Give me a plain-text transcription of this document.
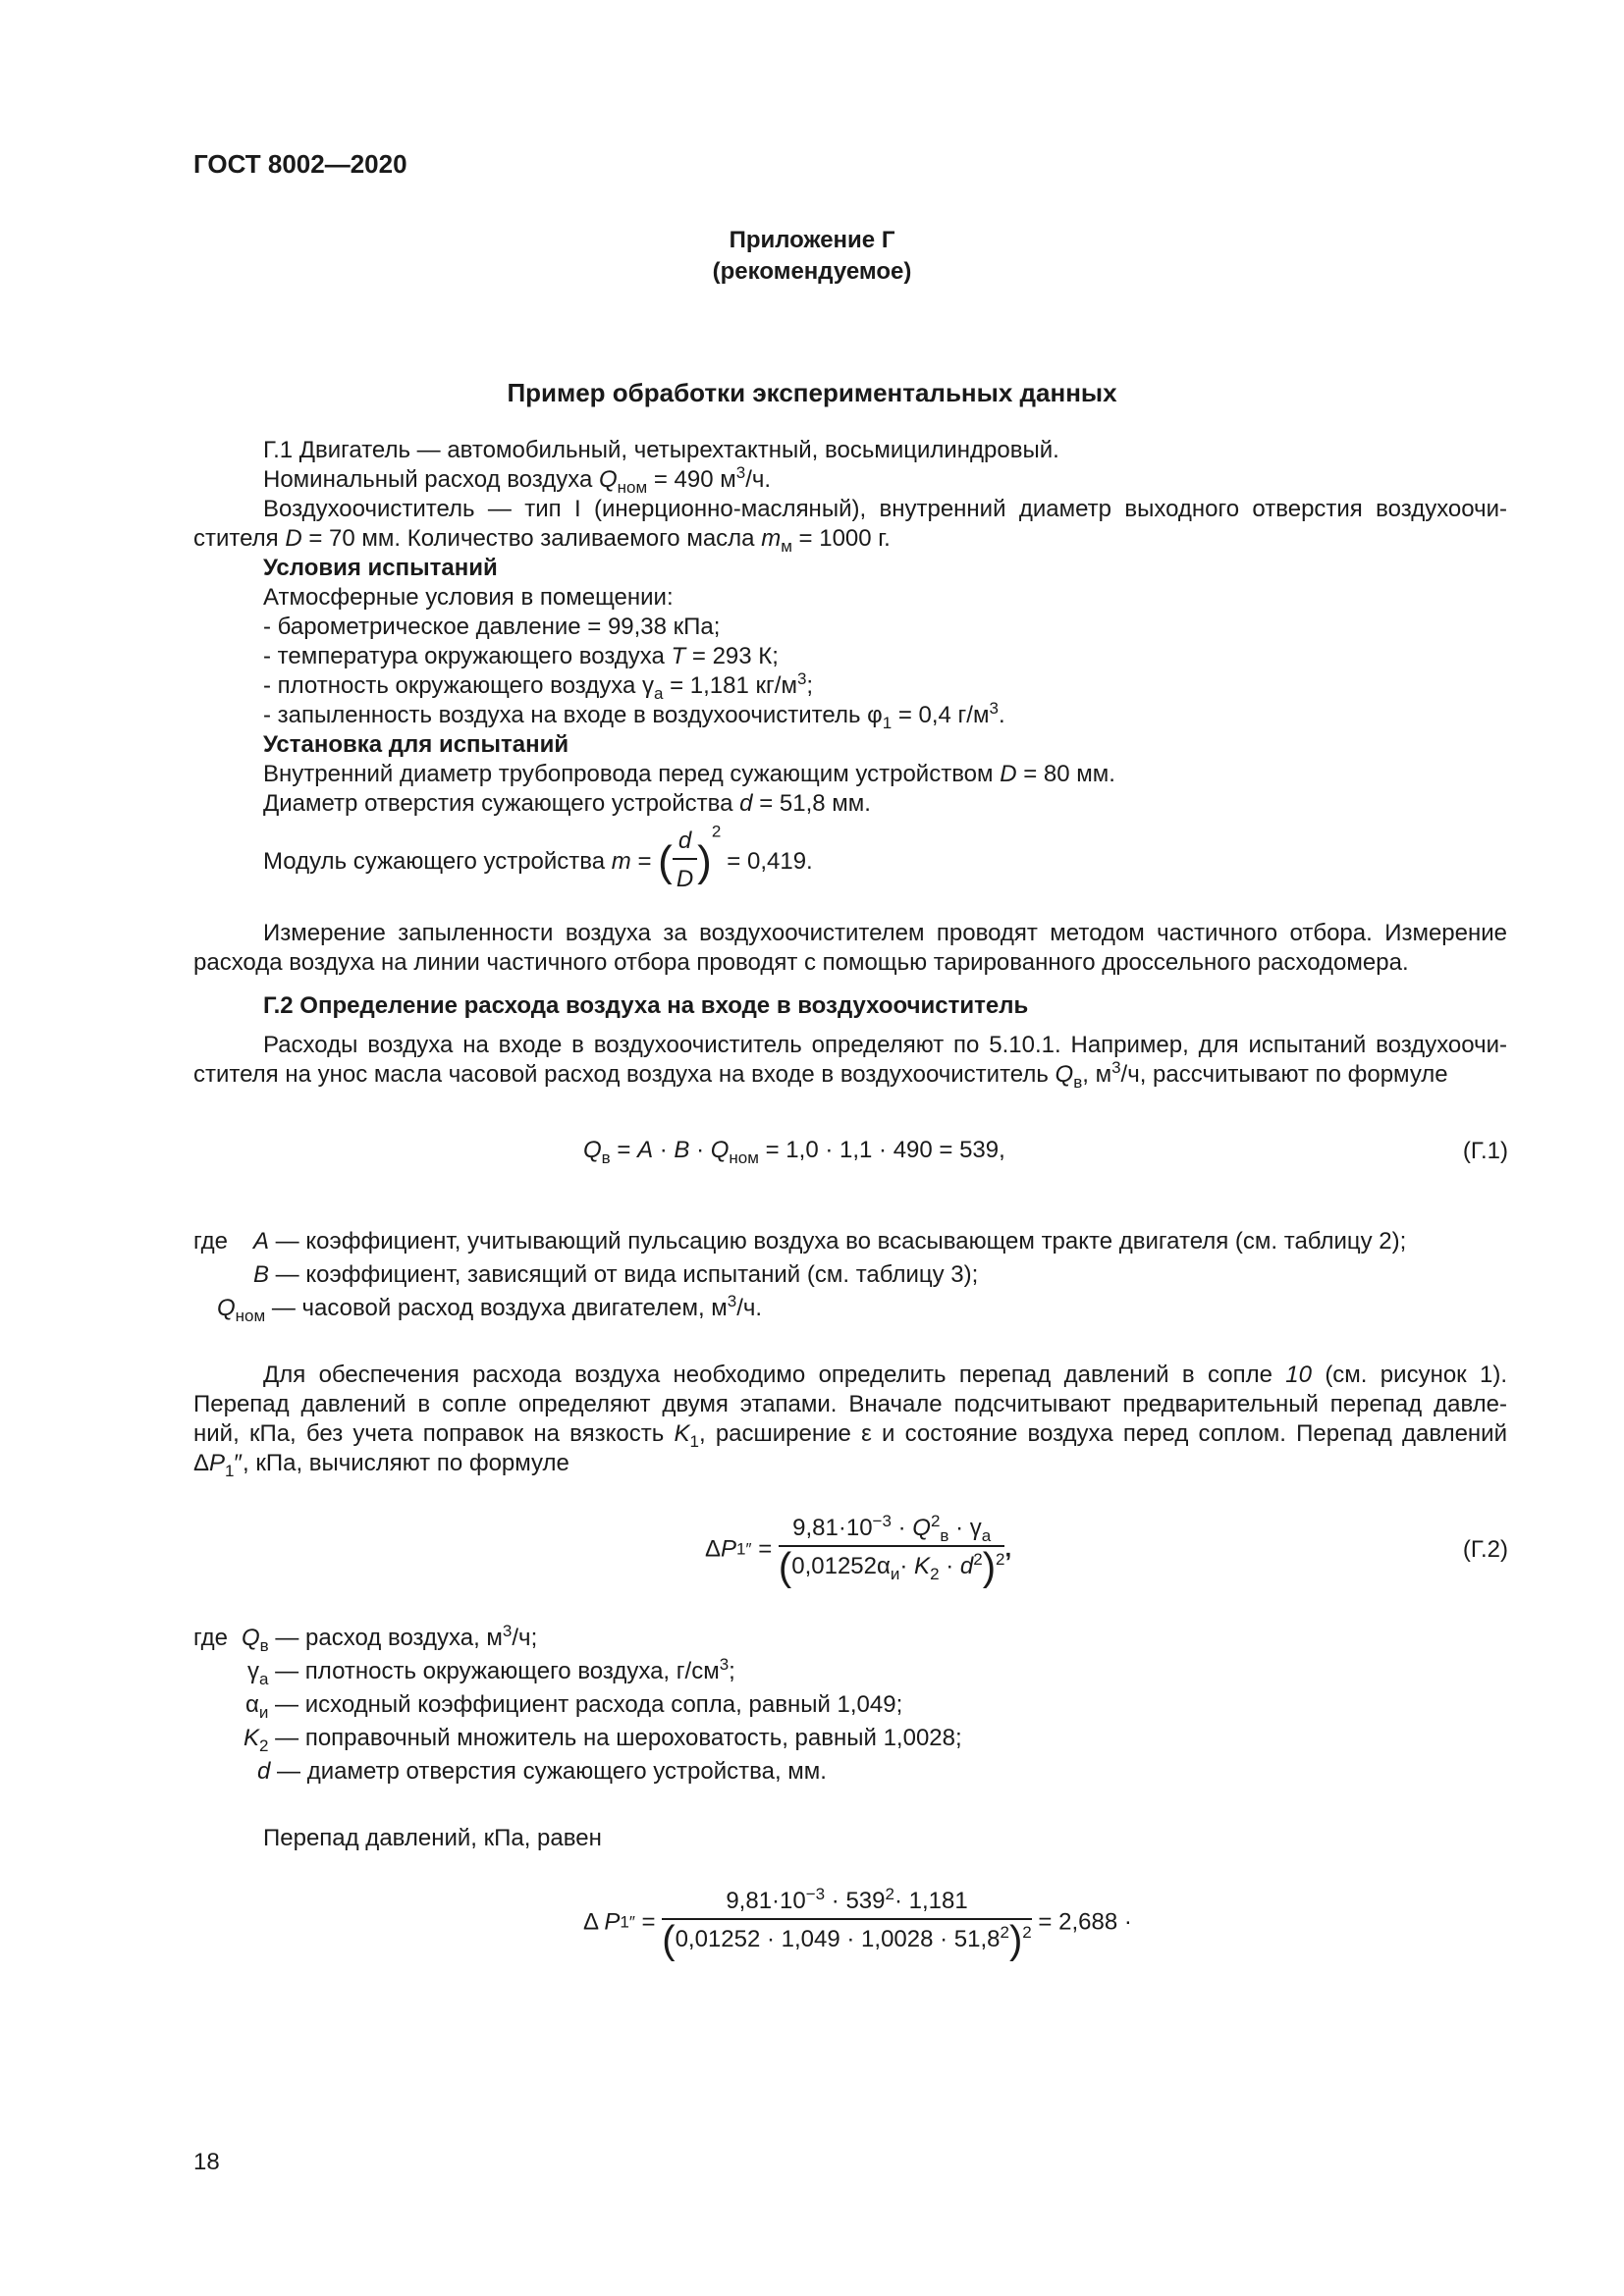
ГОСТ 8002—2020
Приложение Г
(рекомендуемое)
Пример обработки экспериментальных данных
Г.1 Двигатель — автомобильный, четырехтактный, восьмицилиндровый.
Номинальный расход воздуха $Q_{ном} = 490$ $м^3/ч$.
Воздухоочиститель — тип I (инерционно-масляный), внутренний диаметр выходного отверстия воздухоочи-
стителя D = 70 мм. Количество заливаемого масла $m_м = 1000$ г.
Условия испытаний
Атмосферные условия в помещении:
- барометрическое давление = 99,38 кПа;
- температура окружающего воздуха T = 293 К;
- плотность окружающего воздуха $\gamma_а = 1,181$ $кг/м^3$;
- запыленность воздуха на входе в воздухоочиститель $\varphi_1 = 0,4$ $г/м^3$.
Установка для испытаний
Внутренний диаметр трубопровода перед сужающим устройством D = 80 мм.
Диаметр отверстия сужающего устройства d = 51,8 мм.
Модуль сужающего устройства m = ( $\frac{d}{D} )^2= 0,419$.
Измерение запыленности воздуха за воздухоочистителем проводят методом частичного отбора. Измерение
расхода воздуха на линии частичного отбора проводят с помощью тарированного дроссельного расходомера.
Г.2 Определение расхода воздуха на входе в воздухоочиститель
Расходы воздуха на входе в воздухоочиститель определяют по 5.10.1. Например, для испытаний воздухоочи-
стителя на унос масла часовой расход воздуха на входе в воздухоочиститель $Q_в$, $м^3/ч$, рассчитывают по формуле
$Q_в = A \cdot B \cdot Q_{ном} = 1,0 \cdot 1,1 \cdot 490 = 539$,	(Г.1)
где A — коэффициент, учитывающий пульсацию воздуха во всасывающем тракте двигателя (см. таблицу 2);
B — коэффициент, зависящий от вида испытаний (см. таблицу 3);
$Q_{ном}$ — часовой расход воздуха двигателем, $м^3/ч$.
Для обеспечения расхода воздуха необходимо определить перепад давлений в сопле 10 (см. рисунок 1).
Перепад давлений в сопле определяют двумя этапами. Вначале подсчитывают предварительный перепад давле-
ний, кПа, без учета поправок на вязкость $K_1$, расширение ε и состояние воздуха перед соплом. Перепад давлений
$\Delta P_1''$, кПа, вычисляют по формуле
$\Delta P1'' = \frac{9,81\cdot 10^{-3} \cdot Q^2_в \cdot \gamma_а}{(0,01252\alpha_и\cdot K_2 \cdot d^2)^2}$ ,	(Г.2)
где $Q_в$ — расход воздуха, $м^3/ч$;
$\gamma_а$ — плотность окружающего воздуха, $г/см^3$;
$\alpha_и$ — исходный коэффициент расхода сопла, равный 1,049;
$K_2$ — поправочный множитель на шероховатость, равный 1,0028;
d — диаметр отверстия сужающего устройства, мм.
Перепад давлений, кПа, равен
Δ $P1'' = \frac{9,81\cdot 10^{-3} \cdot 539^2\cdot 1,181}{(0,01252 \cdot 1,049 \cdot 1,0028 \cdot 51,8^2)^2} = 2,688$ ·
18
